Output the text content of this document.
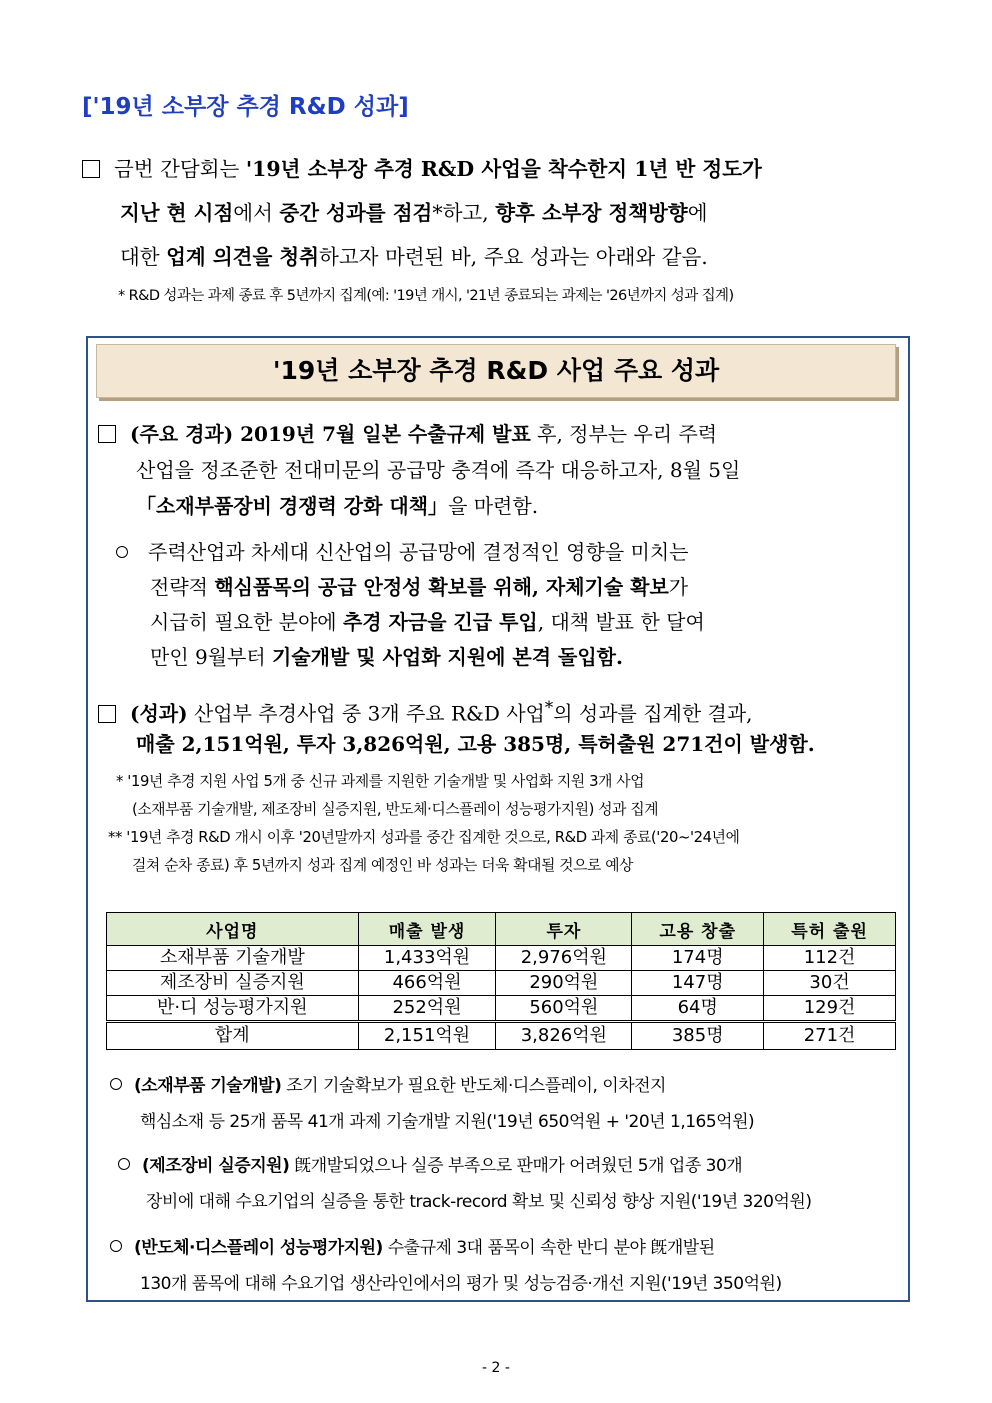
['19년 소부장 추경 R&D 성과]
금번 간담회는 '19년 소부장 추경 R&D 사업을 착수한지 1년 반 정도가
지난 현 시점에서 중간 성과를 점검*하고, 향후 소부장 정책방향에
대한 업계 의견을 청취하고자 마련된 바, 주요 성과는 아래와 같음.
* R&D 성과는 과제 종료 후 5년까지 집계(예: '19년 개시, '21년 종료되는 과제는 '26년까지 성과 집계)
'19년 소부장 추경 R&D 사업 주요 성과
(주요 경과) 2019년 7월 일본 수출규제 발표 후, 정부는 우리 주력
산업을 정조준한 전대미문의 공급망 충격에 즉각 대응하고자, 8월 5일
「소재부품장비 경쟁력 강화 대책」을 마련함.
주력산업과 차세대 신산업의 공급망에 결정적인 영향을 미치는
전략적 핵심품목의 공급 안정성 확보를 위해, 자체기술 확보가
시급히 필요한 분야에 추경 자금을 긴급 투입, 대책 발표 한 달여
만인 9월부터 기술개발 및 사업화 지원에 본격 돌입함.
(성과) 산업부 추경사업 중 3개 주요 R&D 사업*의 성과를 집계한 결과,
매출 2,151억원, 투자 3,826억원, 고용 385명, 특허출원 271건이 발생함.
* '19년 추경 지원 사업 5개 중 신규 과제를 지원한 기술개발 및 사업화 지원 3개 사업
(소재부품 기술개발, 제조장비 실증지원, 반도체·디스플레이 성능평가지원) 성과 집계
** '19년 추경 R&D 개시 이후 '20년말까지 성과를 중간 집계한 것으로, R&D 과제 종료('20~'24년에
걸쳐 순차 종료) 후 5년까지 성과 집계 예정인 바 성과는 더욱 확대될 것으로 예상
사업명	매출 발생	투자	고용 창출	특허 출원
소재부품 기술개발	1,433억원	2,976억원	174명	112건
제조장비 실증지원	466억원	290억원	147명	30건
반·디 성능평가지원	252억원	560억원	64명	129건
합계	2,151억원	3,826억원	385명	271건
(소재부품 기술개발) 조기 기술확보가 필요한 반도체·디스플레이, 이차전지
핵심소재 등 25개 품목 41개 과제 기술개발 지원('19년 650억원 + '20년 1,165억원)
(제조장비 실증지원) 旣개발되었으나 실증 부족으로 판매가 어려웠던 5개 업종 30개
장비에 대해 수요기업의 실증을 통한 track-record 확보 및 신뢰성 향상 지원('19년 320억원)
(반도체·디스플레이 성능평가지원) 수출규제 3대 품목이 속한 반디 분야 旣개발된
130개 품목에 대해 수요기업 생산라인에서의 평가 및 성능검증·개선 지원('19년 350억원)
- 2 -
